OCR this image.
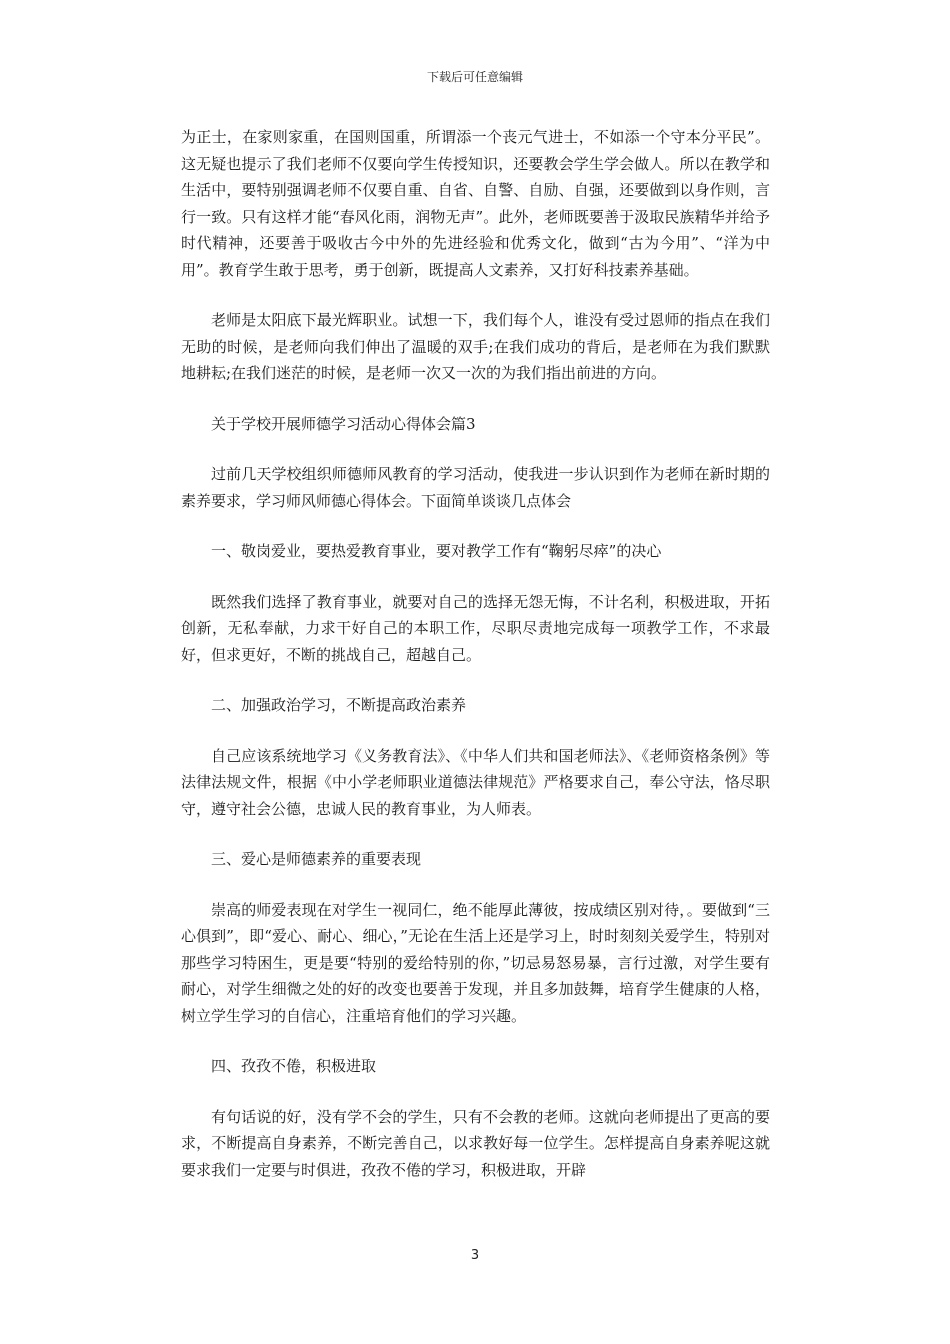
下载后可任意编辑

为正士，在家则家重，在国则国重，所谓添一个丧元气进士，不如添一个守本分平民”。这无疑也提示了我们老师不仅要向学生传授知识，还要教会学生学会做人。所以在教学和生活中，要特别强调老师不仅要自重、自省、自警、自励、自强，还要做到以身作则，言行一致。只有这样才能“春风化雨，润物无声”。此外，老师既要善于汲取民族精华并给予时代精神，还要善于吸收古今中外的先进经验和优秀文化，做到“古为今用”、“洋为中用”。教育学生敢于思考，勇于创新，既提高人文素养，又打好科技素养基础。

老师是太阳底下最光辉职业。试想一下，我们每个人，谁没有受过恩师的指点在我们无助的时候，是老师向我们伸出了温暖的双手;在我们成功的背后，是老师在为我们默默地耕耘;在我们迷茫的时候，是老师一次又一次的为我们指出前进的方向。

关于学校开展师德学习活动心得体会篇3

过前几天学校组织师德师风教育的学习活动，使我进一步认识到作为老师在新时期的素养要求，学习师风师德心得体会。下面简单谈谈几点体会

一、敬岗爱业，要热爱教育事业，要对教学工作有“鞠躬尽瘁”的决心

既然我们选择了教育事业，就要对自己的选择无怨无悔，不计名利，积极进取，开拓创新，无私奉献，力求干好自己的本职工作，尽职尽责地完成每一项教学工作，不求最好，但求更好，不断的挑战自己，超越自己。

二、加强政治学习，不断提高政治素养

自己应该系统地学习《义务教育法》、《中华人们共和国老师法》、《老师资格条例》等法律法规文件，根据《中小学老师职业道德法律规范》严格要求自己，奉公守法，恪尽职守，遵守社会公德，忠诚人民的教育事业，为人师表。

三、爱心是师德素养的重要表现

崇高的师爱表现在对学生一视同仁，绝不能厚此薄彼，按成绩区别对待，。要做到“三心俱到”，即“爱心、耐心、细心，”无论在生活上还是学习上，时时刻刻关爱学生，特别对那些学习特困生，更是要“特别的爱给特别的你，”切忌易怒易暴，言行过激，对学生要有耐心，对学生细微之处的好的改变也要善于发现，并且多加鼓舞，培育学生健康的人格，树立学生学习的自信心，注重培育他们的学习兴趣。

四、孜孜不倦，积极进取

有句话说的好，没有学不会的学生，只有不会教的老师。这就向老师提出了更高的要求，不断提高自身素养，不断完善自己，以求教好每一位学生。怎样提高自身素养呢这就要求我们一定要与时俱进，孜孜不倦的学习，积极进取，开辟

3
